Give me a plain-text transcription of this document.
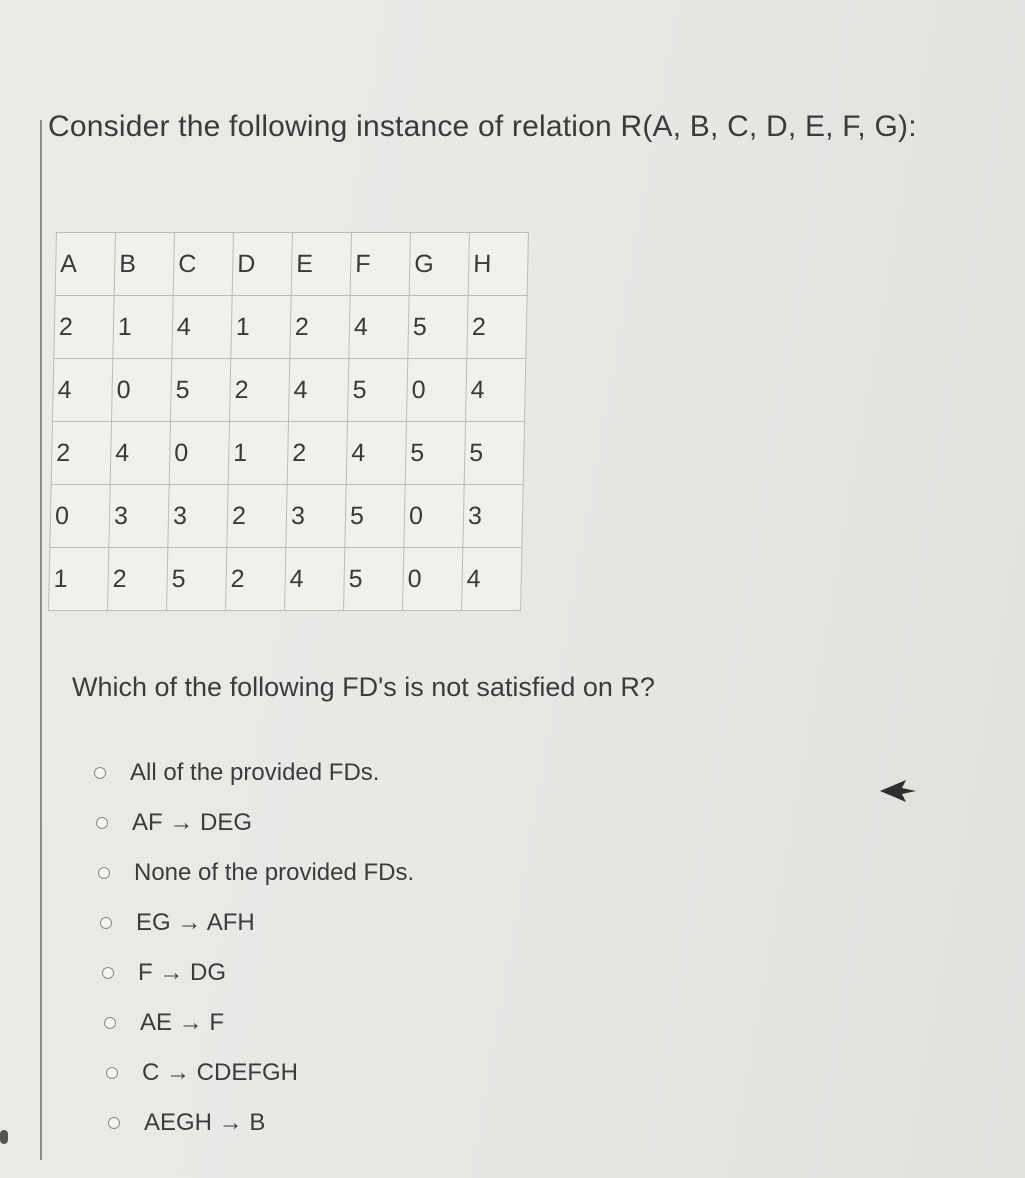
Consider the following instance of relation R(A, B, C, D, E, F, G):
A	B	C	D	E	F	G	H
2	1	4	1	2	4	5	2
4	0	5	2	4	5	0	4
2	4	0	1	2	4	5	5
0	3	3	2	3	5	0	3
1	2	5	2	4	5	0	4
Which of the following FD's is not satisfied on R?
All of the provided FDs.
AF → DEG
None of the provided FDs.
EG → AFH
F → DG
AE → F
C → CDEFGH
AEGH → B
